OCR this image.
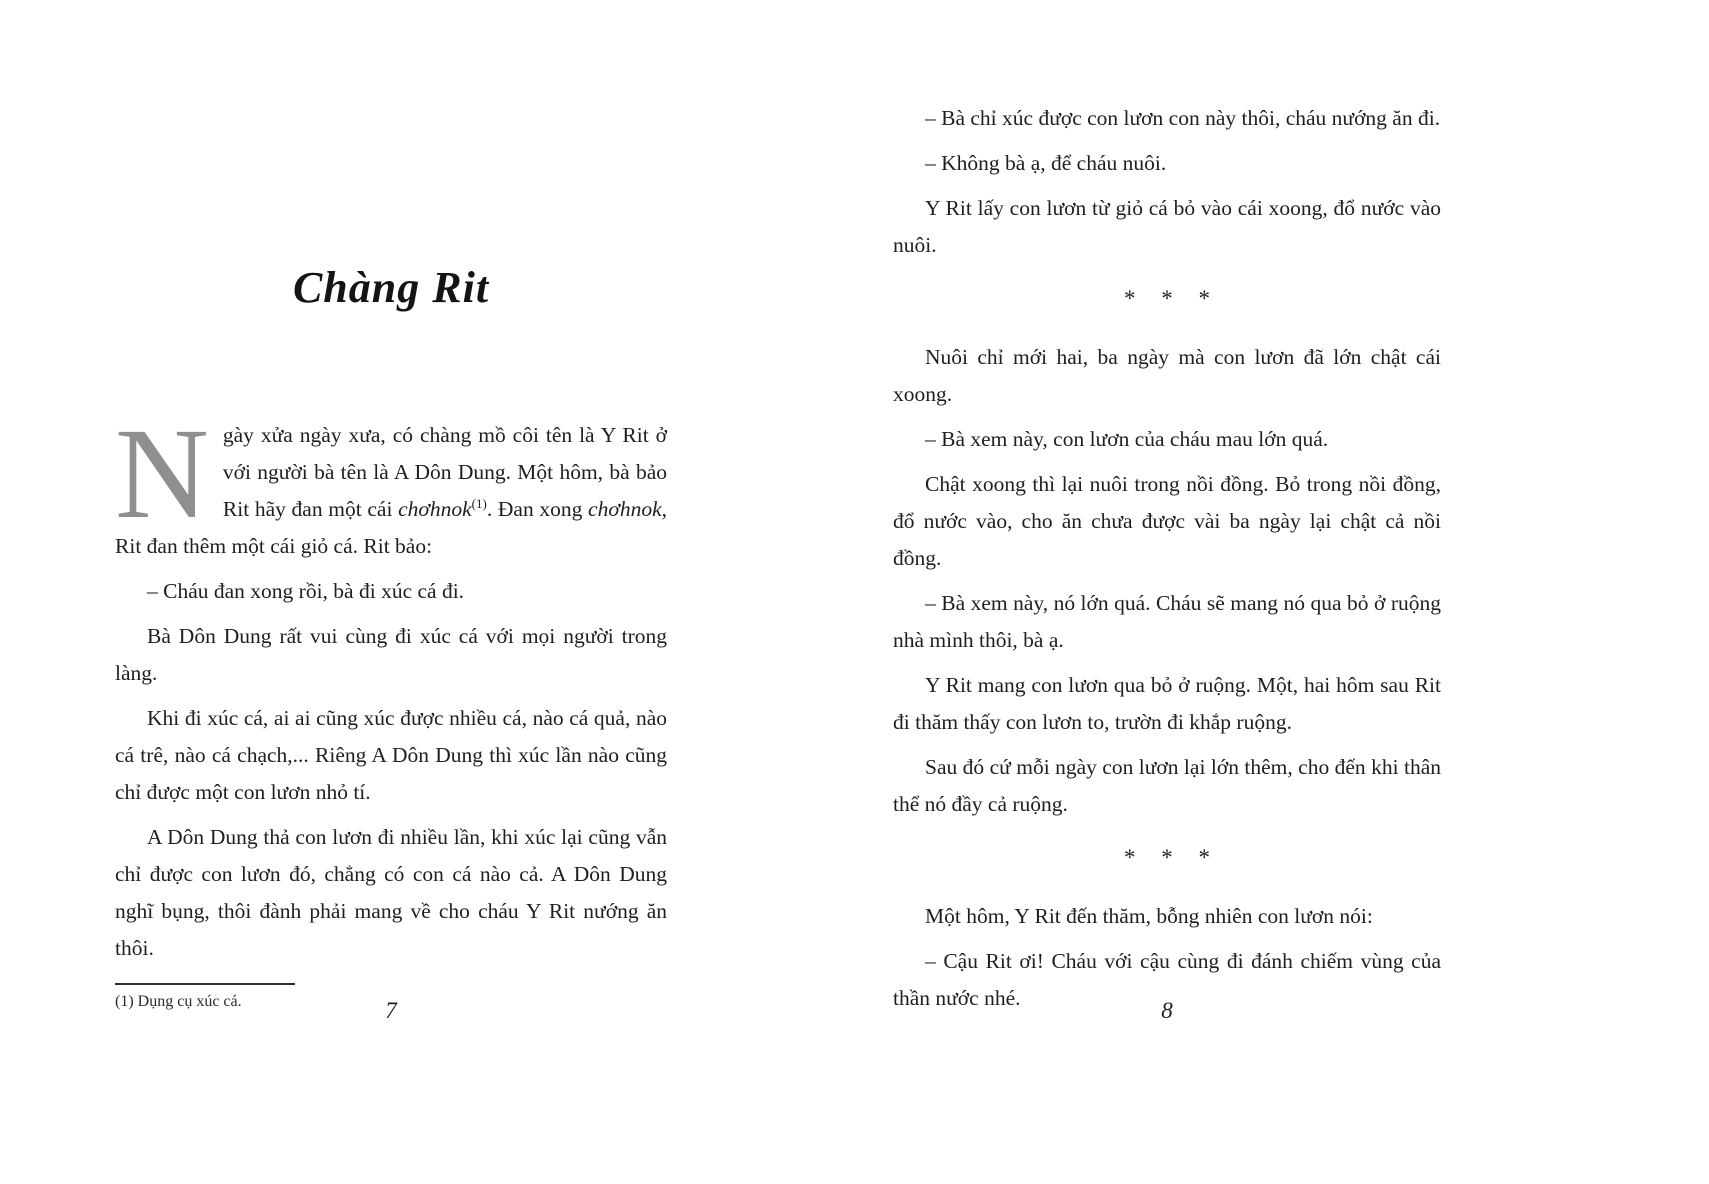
Chàng Rit

Ngày xửa ngày xưa, có chàng mồ côi tên là Y Rit ở với người bà tên là A Dôn Dung. Một hôm, bà bảo Rit hãy đan một cái chơhnok$^{(1)}$. Đan xong chơhnok, Rit đan thêm một cái giỏ cá. Rit bảo:

– Cháu đan xong rồi, bà đi xúc cá đi.

Bà Dôn Dung rất vui cùng đi xúc cá với mọi người trong làng.

Khi đi xúc cá, ai ai cũng xúc được nhiều cá, nào cá quả, nào cá trê, nào cá chạch,... Riêng A Dôn Dung thì xúc lần nào cũng chỉ được một con lươn nhỏ tí.

A Dôn Dung thả con lươn đi nhiều lần, khi xúc lại cũng vẫn chỉ được con lươn đó, chẳng có con cá nào cả. A Dôn Dung nghĩ bụng, thôi đành phải mang về cho cháu Y Rit nướng ăn thôi.

(1) Dụng cụ xúc cá.	7

– Bà chỉ xúc được con lươn con này thôi, cháu nướng ăn đi.

– Không bà ạ, để cháu nuôi.

Y Rit lấy con lươn từ giỏ cá bỏ vào cái xoong, đổ nước vào nuôi.

* * *

Nuôi chỉ mới hai, ba ngày mà con lươn đã lớn chật cái xoong.

– Bà xem này, con lươn của cháu mau lớn quá.

Chật xoong thì lại nuôi trong nồi đồng. Bỏ trong nồi đồng, đổ nước vào, cho ăn chưa được vài ba ngày lại chật cả nồi đồng.

– Bà xem này, nó lớn quá. Cháu sẽ mang nó qua bỏ ở ruộng nhà mình thôi, bà ạ.

Y Rit mang con lươn qua bỏ ở ruộng. Một, hai hôm sau Rit đi thăm thấy con lươn to, trườn đi khắp ruộng.

Sau đó cứ mỗi ngày con lươn lại lớn thêm, cho đến khi thân thể nó đầy cả ruộng.

* * *

Một hôm, Y Rit đến thăm, bỗng nhiên con lươn nói:

– Cậu Rit ơi! Cháu với cậu cùng đi đánh chiếm vùng của thần nước nhé.	8
